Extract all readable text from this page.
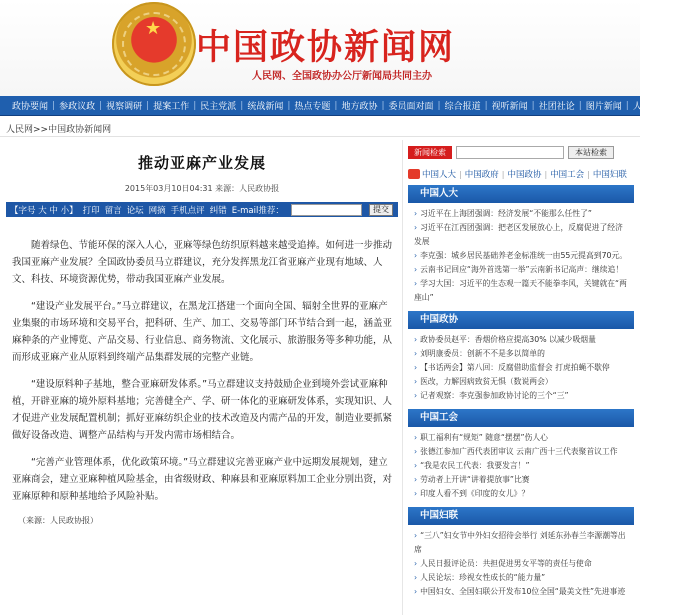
★ 中国政协新闻网
人民网、全国政协办公厅新闻局共同主办
政协要闻 | 参政议政 | 视察调研 | 提案工作 | 民主党派 | 统战新闻 | 热点专题 | 地方政协 | 委员面对面 | 综合报道 | 视听新闻 | 社团社论 | 图片新闻 | 人民网首页
人民网>>中国政协新闻网
推动亚麻产业发展
2015年03月10日04:31 来源：人民政协报
【字号 大 中 小】 打印 留言 论坛 网摘 手机点评 纠错 E-mail推荐：	提交

随着绿色、节能环保的深入人心，亚麻等绿色纺织原料越来越受追捧。如何进一步推动我国亚麻产业发展？全国政协委员马立群建议，充分发挥黑龙江省亚麻产业现有地域、人文、科技、环境资源优势，带动我国亚麻产业发展。

“建设产业发展平台。”马立群建议，在黑龙江搭建一个面向全国、辐射全世界的亚麻产业集聚的市场环境和交易平台，把科研、生产、加工、交易等部门环节结合到一起，涵盖亚麻种条的产业博览、产品交易、行业信息、商务物流、文化展示、旅游服务等多种功能，从而形成亚麻产业从原料到终端产品集群发展的完整产业链。

“建设原料种子基地，整合亚麻研发体系。”马立群建议支持鼓励企业到境外尝试亚麻种植，开辟亚麻的境外原料基地；完善健全产、学、研一体化的亚麻研发体系，实现知识、人才促进产业发展配置机制；抓好亚麻纺织企业的技术改造及内需产品的开发，制造业要抓紧做好设备改造、调整产品结构与开发内需市场相结合。

“完善产业管理体系，优化政策环境。”马立群建议完善亚麻产业中远期发展规划，建立亚麻商会，建立亚麻种植风险基金，由省级财政、种麻县和亚麻原料加工企业分别出资，对亚麻原种和原种基地给予风险补贴。

（来源：人民政协报）
新闻检索	本站检索
中国人大 | 中国政府 | 中国政协 | 中国工会 | 中国妇联
中国人大
› 习近平在上海团强调：经济发展“不能那么任性了”
› 习近平在江西团强调：把老区发展放心上，反腐促进了经济发展
› 李克强：城乡居民基础养老金标准统一由55元提高到70元。
› 云南书记回应“海外首选第一举”云南新书记高声：继续追！
› 学习大国：习近平的生态观一篇天不能拳李风，关键就在“两座山”
中国政协
› 政协委员赵平：香烟价格应提高30% 以减少吸烟量
› 刘明康委员：创新不不是多以简单的
› 【书话两会】第八回：反腐借助监督会 打虎拍蝇不歇停
› 医改，力解因病致贫无惧（数说两会）
› 记者观察：李克强参加政协讨论的三个“三”
中国工会
› 职工福利有“规矩” 随意“摆摆”伤人心
› 张德江参加广西代表团审议 云南广西十三代表聚首议工作
› “我是农民工代表：我要发言！”
› 劳动者上开讲“讲着提放事”比赛
› 印度人看不到《印度的女儿》？
中国妇联
› “三八”妇女节中外妇女招待会举行 刘延东孙春兰李源潮等出席
› 人民日报评论员：共担促进男女平等的责任与使命
› 人民论坛：珍视女性成长的“能力量”
› 中国妇女、全国妇联公开发布10位全国“最美文性”先进事迹
